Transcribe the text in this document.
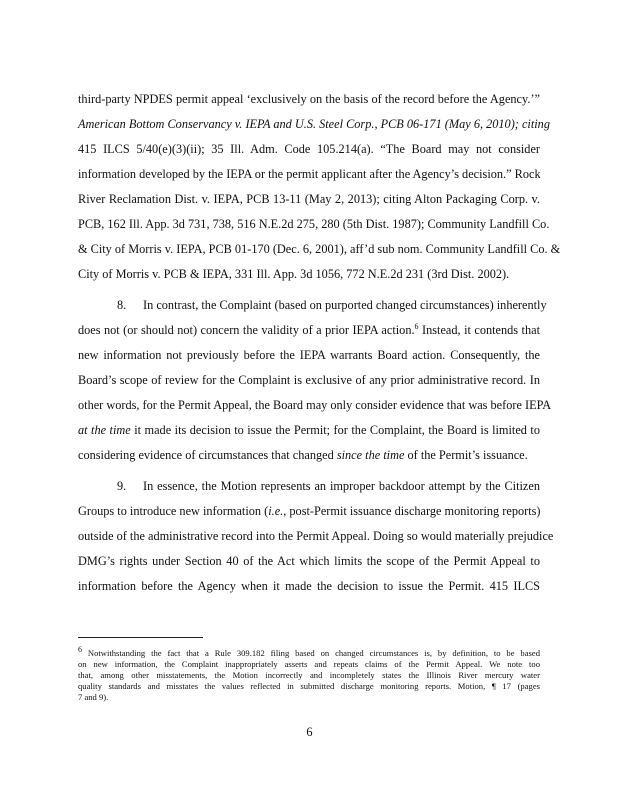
third-party NPDES permit appeal ‘exclusively on the basis of the record before the Agency.’”
American Bottom Conservancy v. IEPA and U.S. Steel Corp., PCB 06-171 (May 6, 2010); citing
415 ILCS 5/40(e)(3)(ii); 35 Ill. Adm. Code 105.214(a). “The Board may not consider
information developed by the IEPA or the permit applicant after the Agency’s decision.” Rock
River Reclamation Dist. v. IEPA, PCB 13-11 (May 2, 2013); citing Alton Packaging Corp. v.
PCB, 162 Ill. App. 3d 731, 738, 516 N.E.2d 275, 280 (5th Dist. 1987); Community Landfill Co.
& City of Morris v. IEPA, PCB 01-170 (Dec. 6, 2001), aff’d sub nom. Community Landfill Co. &
City of Morris v. PCB & IEPA, 331 Ill. App. 3d 1056, 772 N.E.2d 231 (3rd Dist. 2002).
8. In contrast, the Complaint (based on purported changed circumstances) inherently
does not (or should not) concern the validity of a prior IEPA action.$^6$ Instead, it contends that
new information not previously before the IEPA warrants Board action. Consequently, the
Board’s scope of review for the Complaint is exclusive of any prior administrative record. In
other words, for the Permit Appeal, the Board may only consider evidence that was before IEPA
at the time it made its decision to issue the Permit; for the Complaint, the Board is limited to
considering evidence of circumstances that changed since the time of the Permit’s issuance.
9. In essence, the Motion represents an improper backdoor attempt by the Citizen
Groups to introduce new information (i.e., post-Permit issuance discharge monitoring reports)
outside of the administrative record into the Permit Appeal. Doing so would materially prejudice
DMG’s rights under Section 40 of the Act which limits the scope of the Permit Appeal to
information before the Agency when it made the decision to issue the Permit. 415 ILCS
$^6$ Notwithstanding the fact that a Rule 309.182 filing based on changed circumstances is, by definition, to be based
on new information, the Complaint inappropriately asserts and repeats claims of the Permit Appeal. We note too
that, among other misstatements, the Motion incorrectly and incompletely states the Illinois River mercury water
quality standards and misstates the values reflected in submitted discharge monitoring reports. Motion, ¶ 17 (pages
7 and 9).
6
